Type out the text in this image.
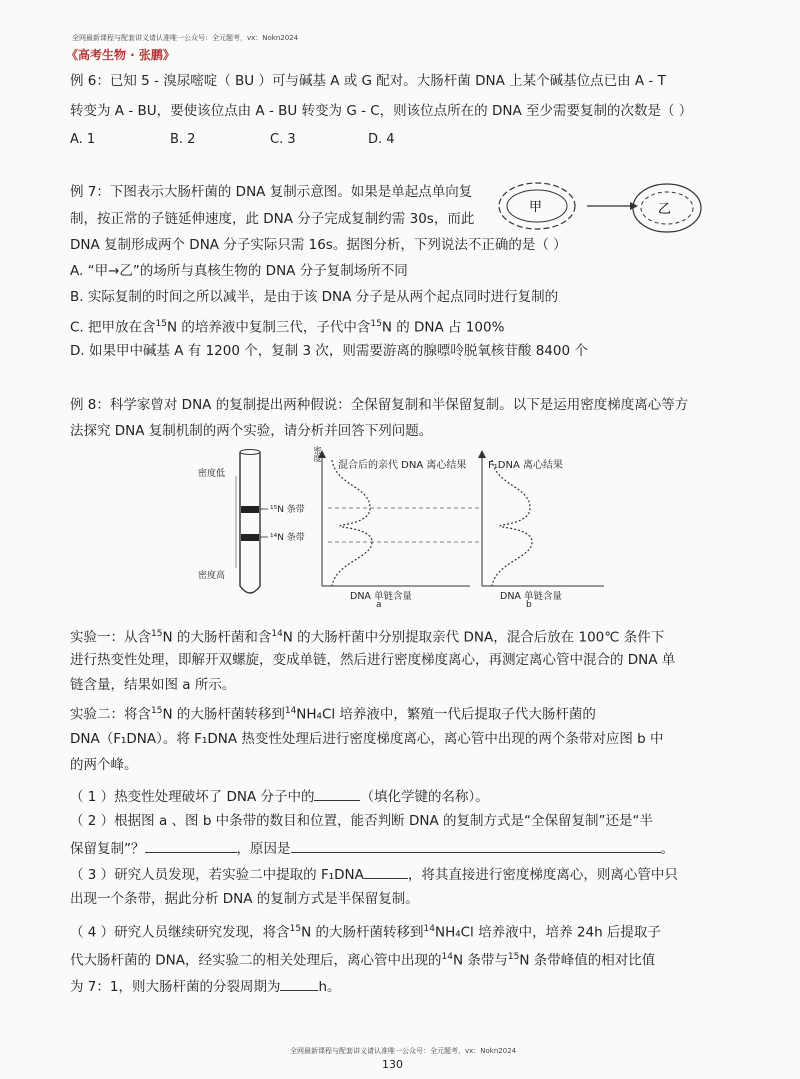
全网最新课程与配套讲义请认准唯一公众号：全元题考，vx：Nokn2024
《高考生物 · 张鹏》
例 6：已知 5 - 溴尿嘧啶（ BU ）可与碱基 A 或 G 配对。大肠杆菌 DNA 上某个碱基位点已由 A - T
转变为 A - BU，要使该位点由 A - BU 转变为 G - C，则该位点所在的 DNA 至少需要复制的次数是（ ）
A. 1	B. 2	C. 3	D. 4
例 7：下图表示大肠杆菌的 DNA 复制示意图。如果是单起点单向复
制，按正常的子链延伸速度，此 DNA 分子完成复制约需 30s，而此
DNA 复制形成两个 DNA 分子实际只需 16s。据图分析，下列说法不正确的是（ ）
甲	乙
A. “甲→乙”的场所与真核生物的 DNA 分子复制场所不同
B. 实际复制的时间之所以减半，是由于该 DNA 分子是从两个起点同时进行复制的
C. 把甲放在含$^{15}$N 的培养液中复制三代，子代中含$^{15}$N 的 DNA 占 100%
D. 如果甲中碱基 A 有 1200 个，复制 3 次，则需要游离的腺嘌呤脱氧核苷酸 8400 个
例 8：科学家曾对 DNA 的复制提出两种假说：全保留复制和半保留复制。以下是运用密度梯度离心等方
法探究 DNA 复制机制的两个实验，请分析并回答下列问题。
密度低
密度高
¹⁵N 条带
¹⁴N 条带
混合后的亲代 DNA 离心结果
密度
DNA 单链含量
a
F₁DNA 离心结果
DNA 单链含量
b
实验一：从含$^{15}$N 的大肠杆菌和含$^{14}$N 的大肠杆菌中分别提取亲代 DNA，混合后放在 100℃ 条件下
进行热变性处理，即解开双螺旋，变成单链，然后进行密度梯度离心，再测定离心管中混合的 DNA 单
链含量，结果如图 a 所示。
实验二：将含$^{15}$N 的大肠杆菌转移到$^{14}$NH₄Cl 培养液中，繁殖一代后提取子代大肠杆菌的
DNA（F₁DNA）。将 F₁DNA 热变性处理后进行密度梯度离心，离心管中出现的两个条带对应图 b 中
的两个峰。
（ 1 ）热变性处理破坏了 DNA 分子中的	（填化学键的名称）。
（ 2 ）根据图 a 、图 b 中条带的数目和位置，能否判断 DNA 的复制方式是“全保留复制”还是“半
保留复制”？	，原因是	。
（ 3 ）研究人员发现，若实验二中提取的 F₁DNA	，将其直接进行密度梯度离心，则离心管中只
出现一个条带，据此分析 DNA 的复制方式是半保留复制。
（ 4 ）研究人员继续研究发现，将含$^{15}$N 的大肠杆菌转移到$^{14}$NH₄Cl 培养液中，培养 24h 后提取子
代大肠杆菌的 DNA，经实验二的相关处理后，离心管中出现的$^{14}$N 条带与$^{15}$N 条带峰值的相对比值
为 7：1，则大肠杆菌的分裂周期为	h。
全网最新课程与配套讲义请认准唯一公众号：全元题考，vx：Nokn2024
130
